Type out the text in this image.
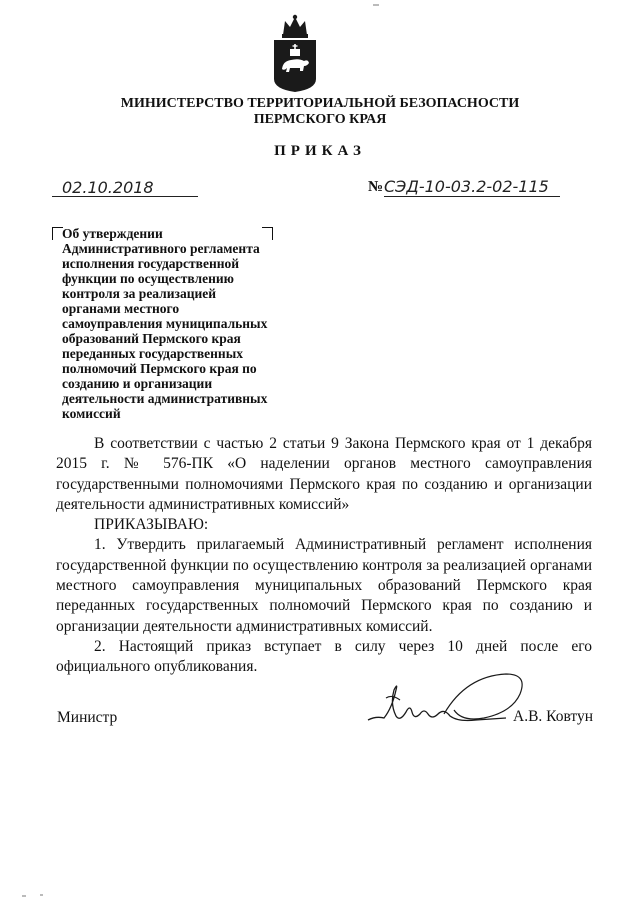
МИНИСТЕРСТВО ТЕРРИТОРИАЛЬНОЙ БЕЗОПАСНОСТИ
ПЕРМСКОГО КРАЯ
ПРИКАЗ
02.10.2018	№ СЭД-10-03.2-02-115
Об утверждении
Административного регламента
исполнения государственной
функции по осуществлению
контроля за реализацией
органами местного
самоуправления муниципальных
образований Пермского края
переданных государственных
полномочий Пермского края по
созданию и организации
деятельности административных
комиссий

В соответствии с частью 2 статьи 9 Закона Пермского края от 1 декабря 2015 г. № 576-ПК «О наделении органов местного самоуправления государственными полномочиями Пермского края по созданию и организации деятельности административных комиссий»

ПРИКАЗЫВАЮ:

1. Утвердить прилагаемый Административный регламент исполнения государственной функции по осуществлению контроля за реализацией органами местного самоуправления муниципальных образований Пермского края переданных государственных полномочий Пермского края по созданию и организации деятельности административных комиссий.

2. Настоящий приказ вступает в силу через 10 дней после его официального опубликования.

Министр	А.В. Ковтун
